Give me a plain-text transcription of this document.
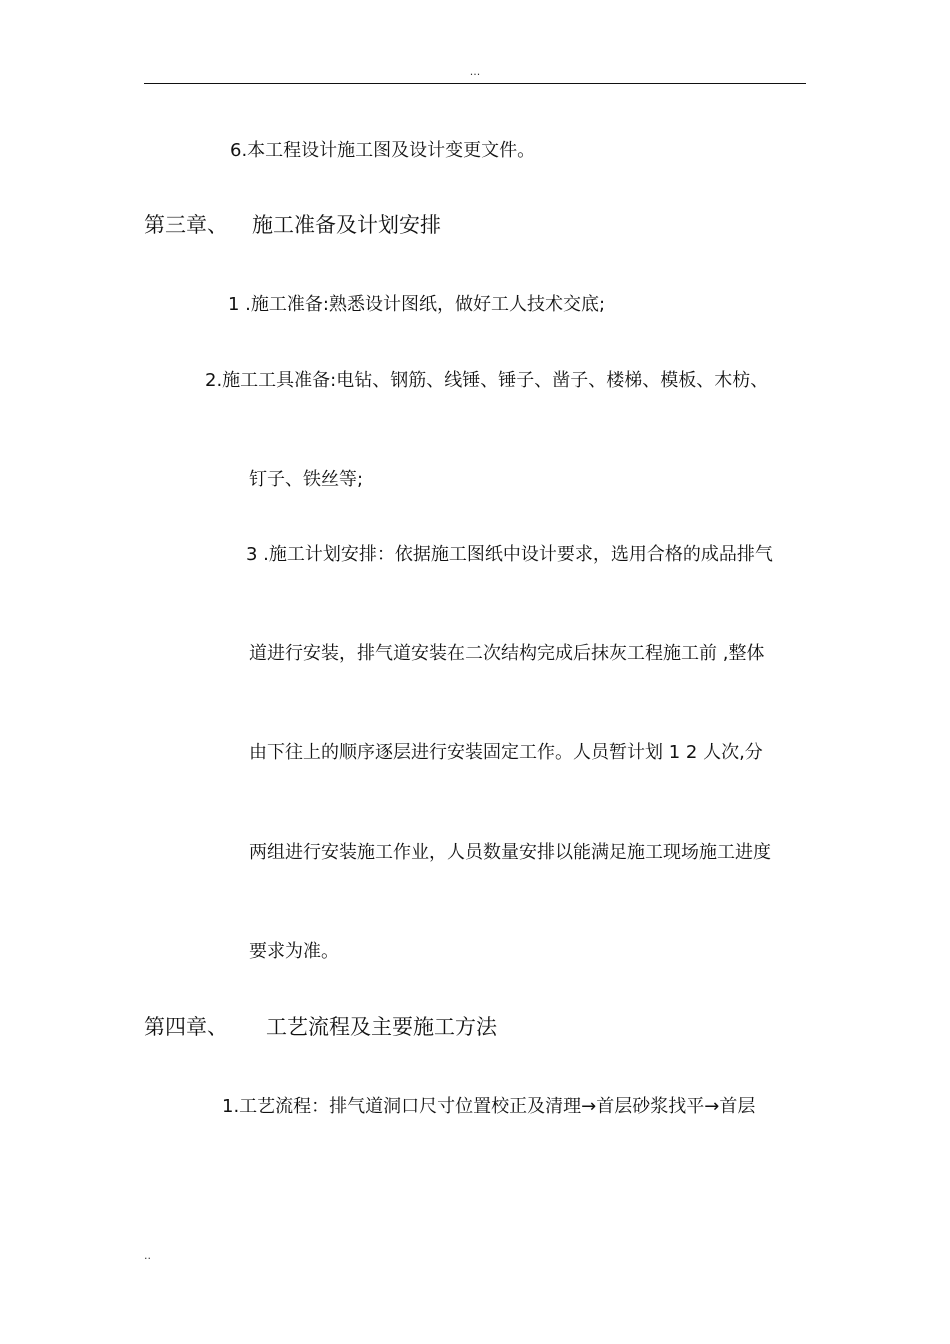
...
6.本工程设计施工图及设计变更文件。
第三章、 施工准备及计划安排
1 .施工准备:熟悉设计图纸，做好工人技术交底;
2.施工工具准备:电钻、钢筋、线锤、锤子、凿子、楼梯、模板、木枋、
钉子、铁丝等;
3 .施工计划安排：依据施工图纸中设计要求，选用合格的成品排气
道进行安装，排气道安装在二次结构完成后抹灰工程施工前 ,整体
由下往上的顺序逐层进行安装固定工作。人员暂计划 1 2 人次,分
两组进行安装施工作业，人员数量安排以能满足施工现场施工进度
要求为准。
第四章、 工艺流程及主要施工方法
1.工艺流程：排气道洞口尺寸位置校正及清理→首层砂浆找平→首层
..
